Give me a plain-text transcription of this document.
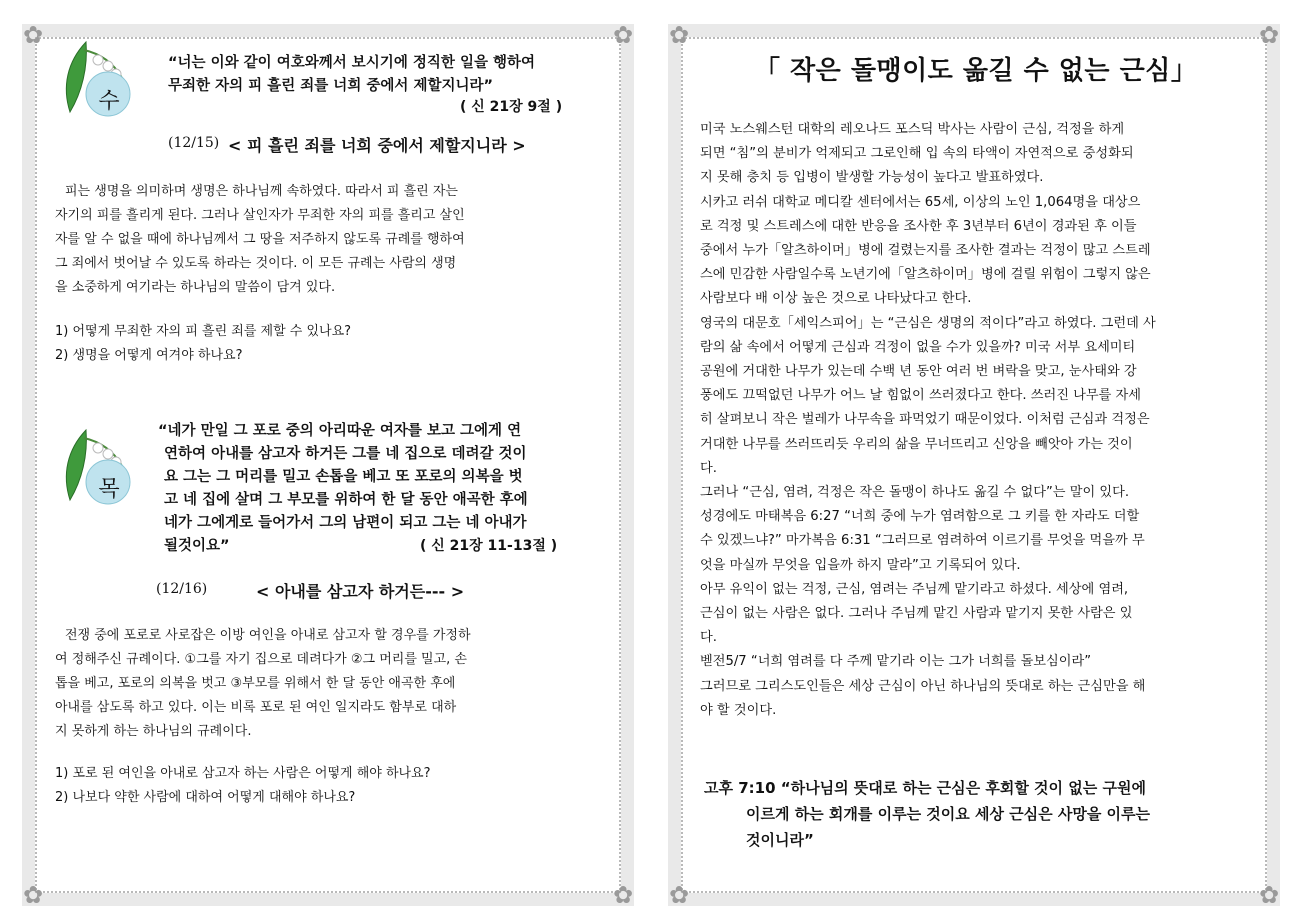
✿	✿
✿	✿
수
“너는 이와 같이 여호와께서 보시기에 정직한 일을 행하여
무죄한 자의 피 흘린 죄를 너희 중에서 제할지니라”
( 신 21장 9절 )
(12/15) < 피 흘린 죄를 너희 중에서 제할지니라 >
피는 생명을 의미하며 생명은 하나님께 속하였다. 따라서 피 흘린 자는
자기의 피를 흘리게 된다. 그러나 살인자가 무죄한 자의 피를 흘리고 살인
자를 알 수 없을 때에 하나님께서 그 땅을 저주하지 않도록 규례를 행하여
그 죄에서 벗어날 수 있도록 하라는 것이다. 이 모든 규례는 사람의 생명
을 소중하게 여기라는 하나님의 말씀이 담겨 있다.
1) 어떻게 무죄한 자의 피 흘린 죄를 제할 수 있나요?
2) 생명을 어떻게 여겨야 하나요?
목
“네가 만일 그 포로 중의 아리따운 여자를 보고 그에게 연
연하여 아내를 삼고자 하거든 그를 네 집으로 데려갈 것이
요 그는 그 머리를 밀고 손톱을 베고 또 포로의 의복을 벗
고 네 집에 살며 그 부모를 위하여 한 달 동안 애곡한 후에
네가 그에게로 들어가서 그의 남편이 되고 그는 네 아내가
될것이요”	( 신 21장 11-13절 )
(12/16)	< 아내를 삼고자 하거든--- >
전쟁 중에 포로로 사로잡은 이방 여인을 아내로 삼고자 할 경우를 가정하
여 정해주신 규례이다. ①그를 자기 집으로 데려다가 ②그 머리를 밀고, 손
톱을 베고, 포로의 의복을 벗고 ③부모를 위해서 한 달 동안 애곡한 후에
아내를 삼도록 하고 있다. 이는 비록 포로 된 여인 일지라도 함부로 대하
지 못하게 하는 하나님의 규례이다.
1) 포로 된 여인을 아내로 삼고자 하는 사람은 어떻게 해야 하나요?
2) 나보다 약한 사람에 대하여 어떻게 대해야 하나요?
✿	✿
✿	✿
「 작은 돌맹이도 옮길 수 없는 근심」
미국 노스웨스턴 대학의 레오나드 포스딕 박사는 사람이 근심, 걱정을 하게
되면 “침”의 분비가 억제되고 그로인해 입 속의 타액이 자연적으로 중성화되
지 못해 충치 등 입병이 발생할 가능성이 높다고 발표하였다.
시카고 러쉬 대학교 메디칼 센터에서는 65세, 이상의 노인 1,064명을 대상으
로 걱정 및 스트레스에 대한 반응을 조사한 후 3년부터 6년이 경과된 후 이들
중에서 누가「알츠하이머」병에 걸렸는지를 조사한 결과는 걱정이 많고 스트레
스에 민감한 사람일수록 노년기에「알츠하이머」병에 걸릴 위험이 그렇지 않은
사람보다 배 이상 높은 것으로 나타났다고 한다.
영국의 대문호「세익스피어」는 “근심은 생명의 적이다”라고 하였다. 그런데 사
람의 삶 속에서 어떻게 근심과 걱정이 없을 수가 있을까? 미국 서부 요세미티
공원에 거대한 나무가 있는데 수백 년 동안 여러 번 벼락을 맞고, 눈사태와 강
풍에도 끄떡없던 나무가 어느 날 힘없이 쓰러졌다고 한다. 쓰러진 나무를 자세
히 살펴보니 작은 벌레가 나무속을 파먹었기 때문이었다. 이처럼 근심과 걱정은
거대한 나무를 쓰러뜨리듯 우리의 삶을 무너뜨리고 신앙을 빼앗아 가는 것이
다.
그러나 “근심, 염려, 걱정은 작은 돌맹이 하나도 옮길 수 없다”는 말이 있다.
성경에도 마태복음 6:27 “너희 중에 누가 염려함으로 그 키를 한 자라도 더할
수 있겠느냐?” 마가복음 6:31 “그러므로 염려하여 이르기를 무엇을 먹을까 무
엇을 마실까 무엇을 입을까 하지 말라”고 기록되어 있다.
아무 유익이 없는 걱정, 근심, 염려는 주님께 맡기라고 하셨다. 세상에 염려,
근심이 없는 사람은 없다. 그러나 주님께 맡긴 사람과 맡기지 못한 사람은 있
다.
벧전5/7 “너희 염려를 다 주께 맡기라 이는 그가 너희를 돌보심이라”
그러므로 그리스도인들은 세상 근심이 아닌 하나님의 뜻대로 하는 근심만을 해
야 할 것이다.
고후 7:10 “하나님의 뜻대로 하는 근심은 후회할 것이 없는 구원에
이르게 하는 회개를 이루는 것이요 세상 근심은 사망을 이루는
것이니라”
